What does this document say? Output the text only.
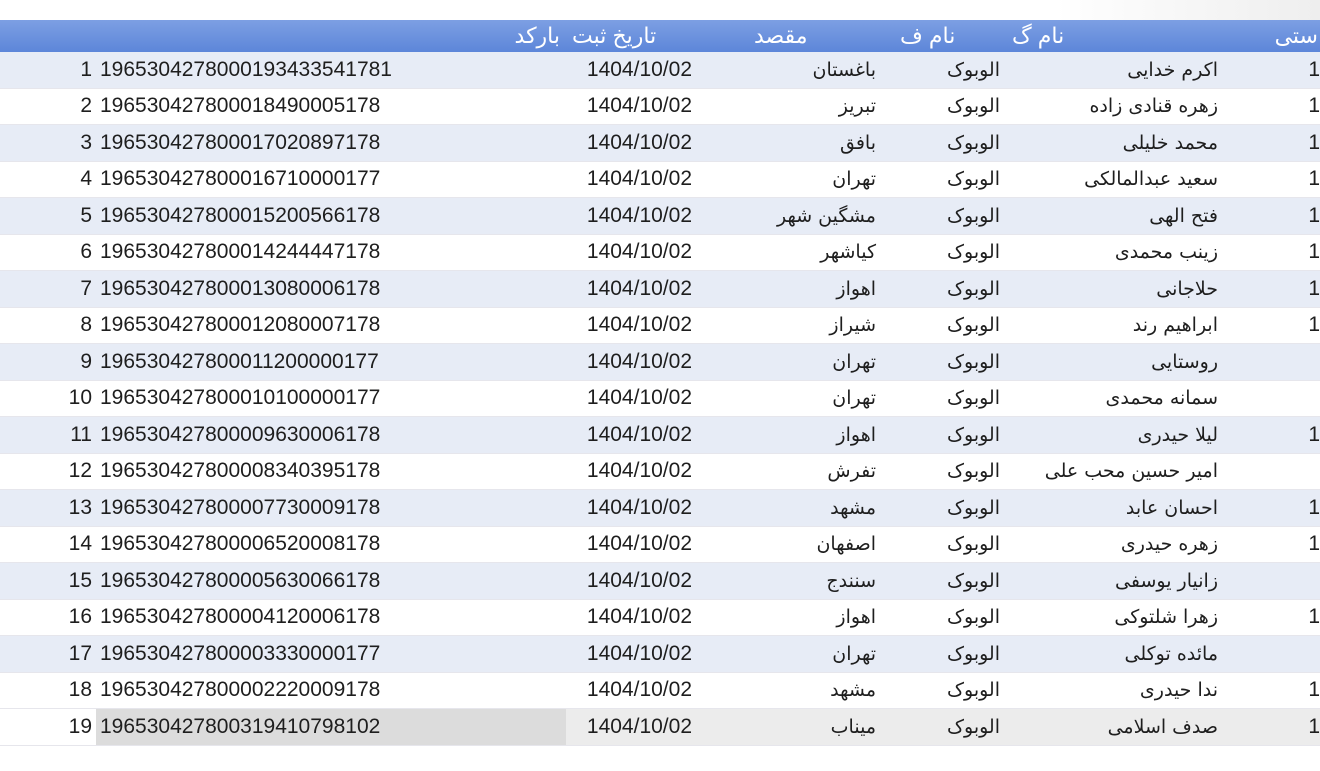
	بارکد	تاریخ ثبت	مقصد	نام ف	نام گ	ستی
1	1965304278000193433541781	1404/10/02	باغستان	الوبوک	اکرم خدایی	1
2	196530427800018490005178	1404/10/02	تبریز	الوبوک	زهره قنادی زاده	1
3	196530427800017020897178	1404/10/02	بافق	الوبوک	محمد خلیلی	1
4	196530427800016710000177	1404/10/02	تهران	الوبوک	سعید عبدالمالکی	1
5	196530427800015200566178	1404/10/02	مشگین شهر	الوبوک	فتح الهی	1
6	196530427800014244447178	1404/10/02	کیاشهر	الوبوک	زینب محمدی	1
7	196530427800013080006178	1404/10/02	اهواز	الوبوک	حلاجانی	1
8	196530427800012080007178	1404/10/02	شیراز	الوبوک	ابراهیم رند	1
9	196530427800011200000177	1404/10/02	تهران	الوبوک	روستایی	
10	196530427800010100000177	1404/10/02	تهران	الوبوک	سمانه محمدی	
11	196530427800009630006178	1404/10/02	اهواز	الوبوک	لیلا حیدری	1
12	196530427800008340395178	1404/10/02	تفرش	الوبوک	امیر حسین محب علی	
13	196530427800007730009178	1404/10/02	مشهد	الوبوک	احسان عابد	1
14	196530427800006520008178	1404/10/02	اصفهان	الوبوک	زهره حیدری	1
15	196530427800005630066178	1404/10/02	سنندج	الوبوک	زانیار یوسفی	
16	196530427800004120006178	1404/10/02	اهواز	الوبوک	زهرا شلتوکی	1
17	196530427800003330000177	1404/10/02	تهران	الوبوک	مائده توکلی	
18	196530427800002220009178	1404/10/02	مشهد	الوبوک	ندا حیدری	1
19	196530427800319410798102	1404/10/02	میناب	الوبوک	صدف اسلامی	1
